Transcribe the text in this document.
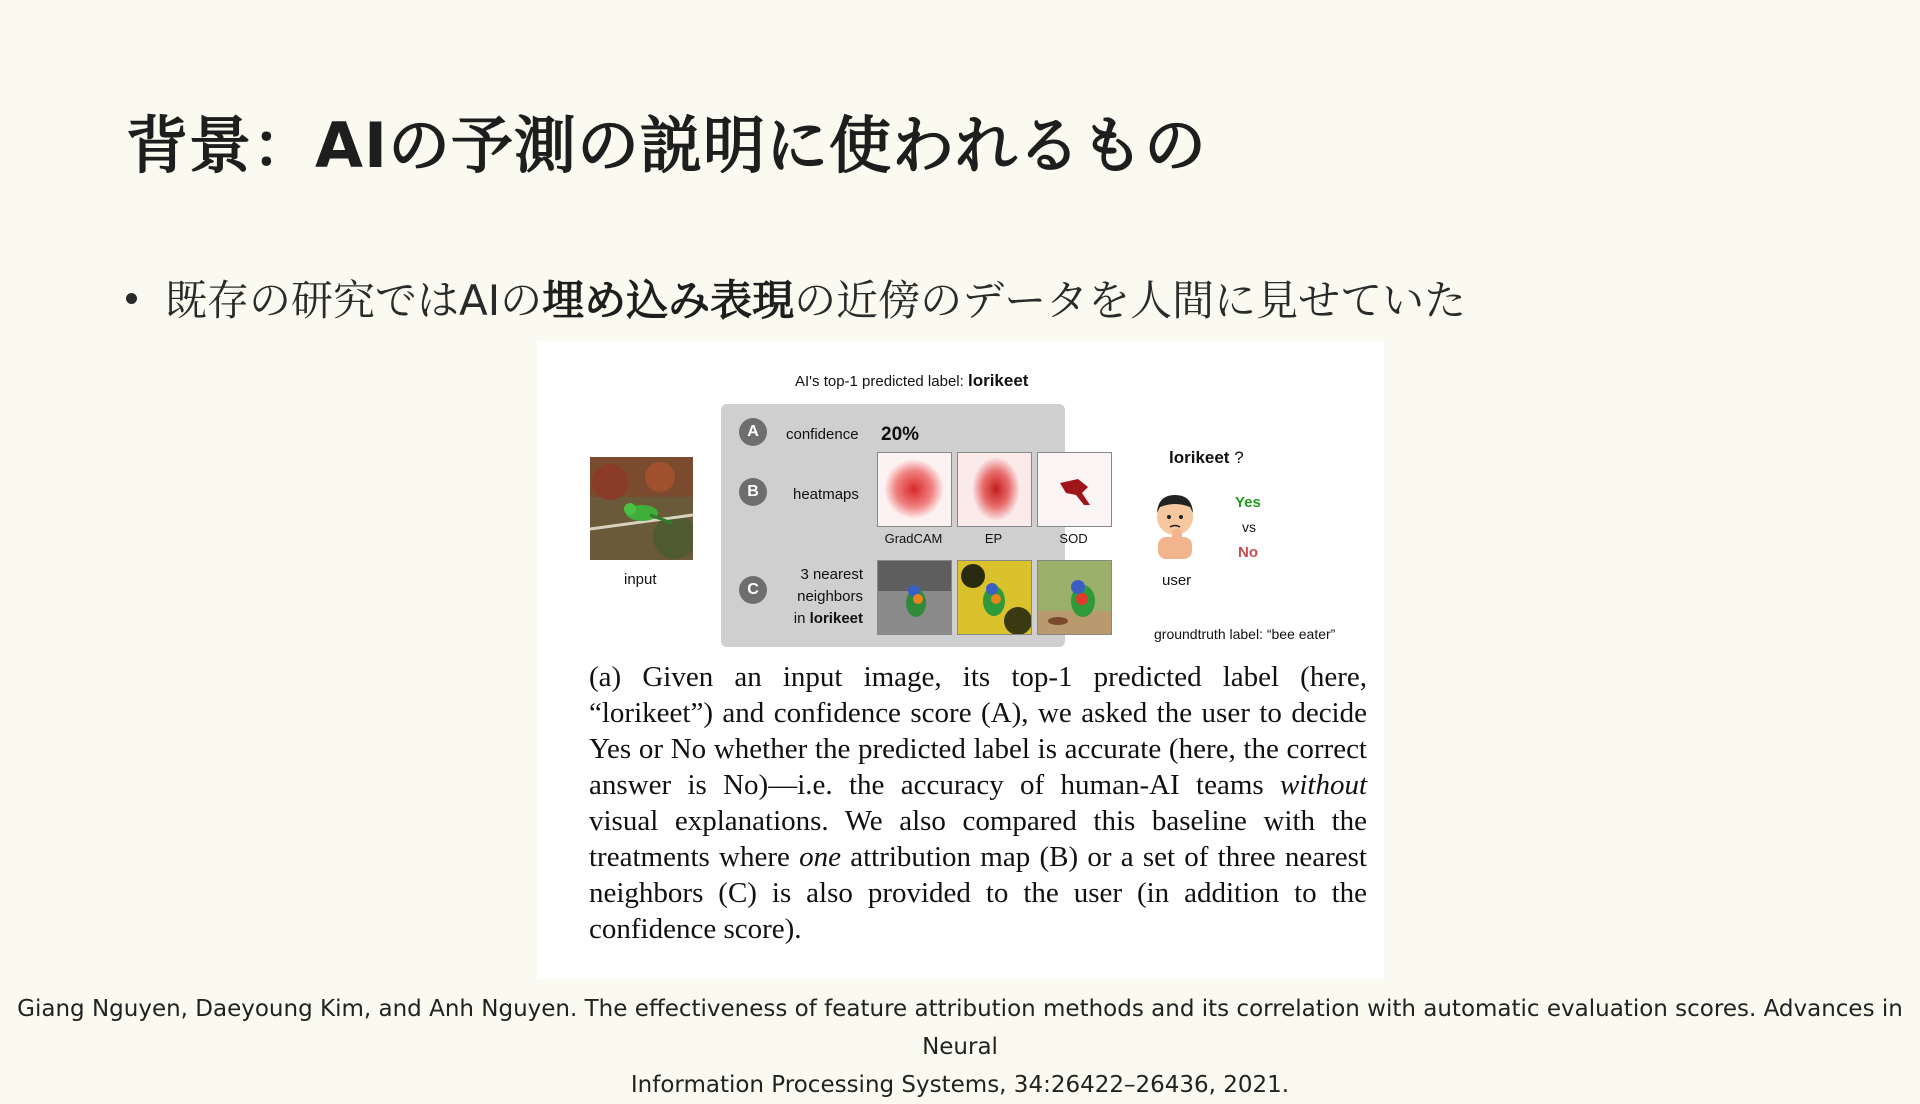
背景：AIの予測の説明に使われるもの
既存の研究ではAIの埋め込み表現の近傍のデータを人間に見せていた
AI's top-1 predicted label: lorikeet
input
A	confidence 20%
B	heatmaps
GradCAM	EP	SOD
C
3 nearest
neighbors
in lorikeet
lorikeet ?
Yes
vs
No
user
groundtruth label: “bee eater”
(a) Given an input image, its top-1 predicted label (here, “lorikeet”) and confidence score (A), we asked the user to decide Yes or No whether the predicted label is accurate (here, the correct answer is No)—i.e. the accuracy of human-AI teams without visual explanations. We also compared this baseline with the treatments where one attribution map (B) or a set of three nearest neighbors (C) is also provided to the user (in addition to the confidence score).
Giang Nguyen, Daeyoung Kim, and Anh Nguyen. The effectiveness of feature attribution methods and its correlation with automatic evaluation scores. Advances in Neural
Information Processing Systems, 34:26422–26436, 2021.
